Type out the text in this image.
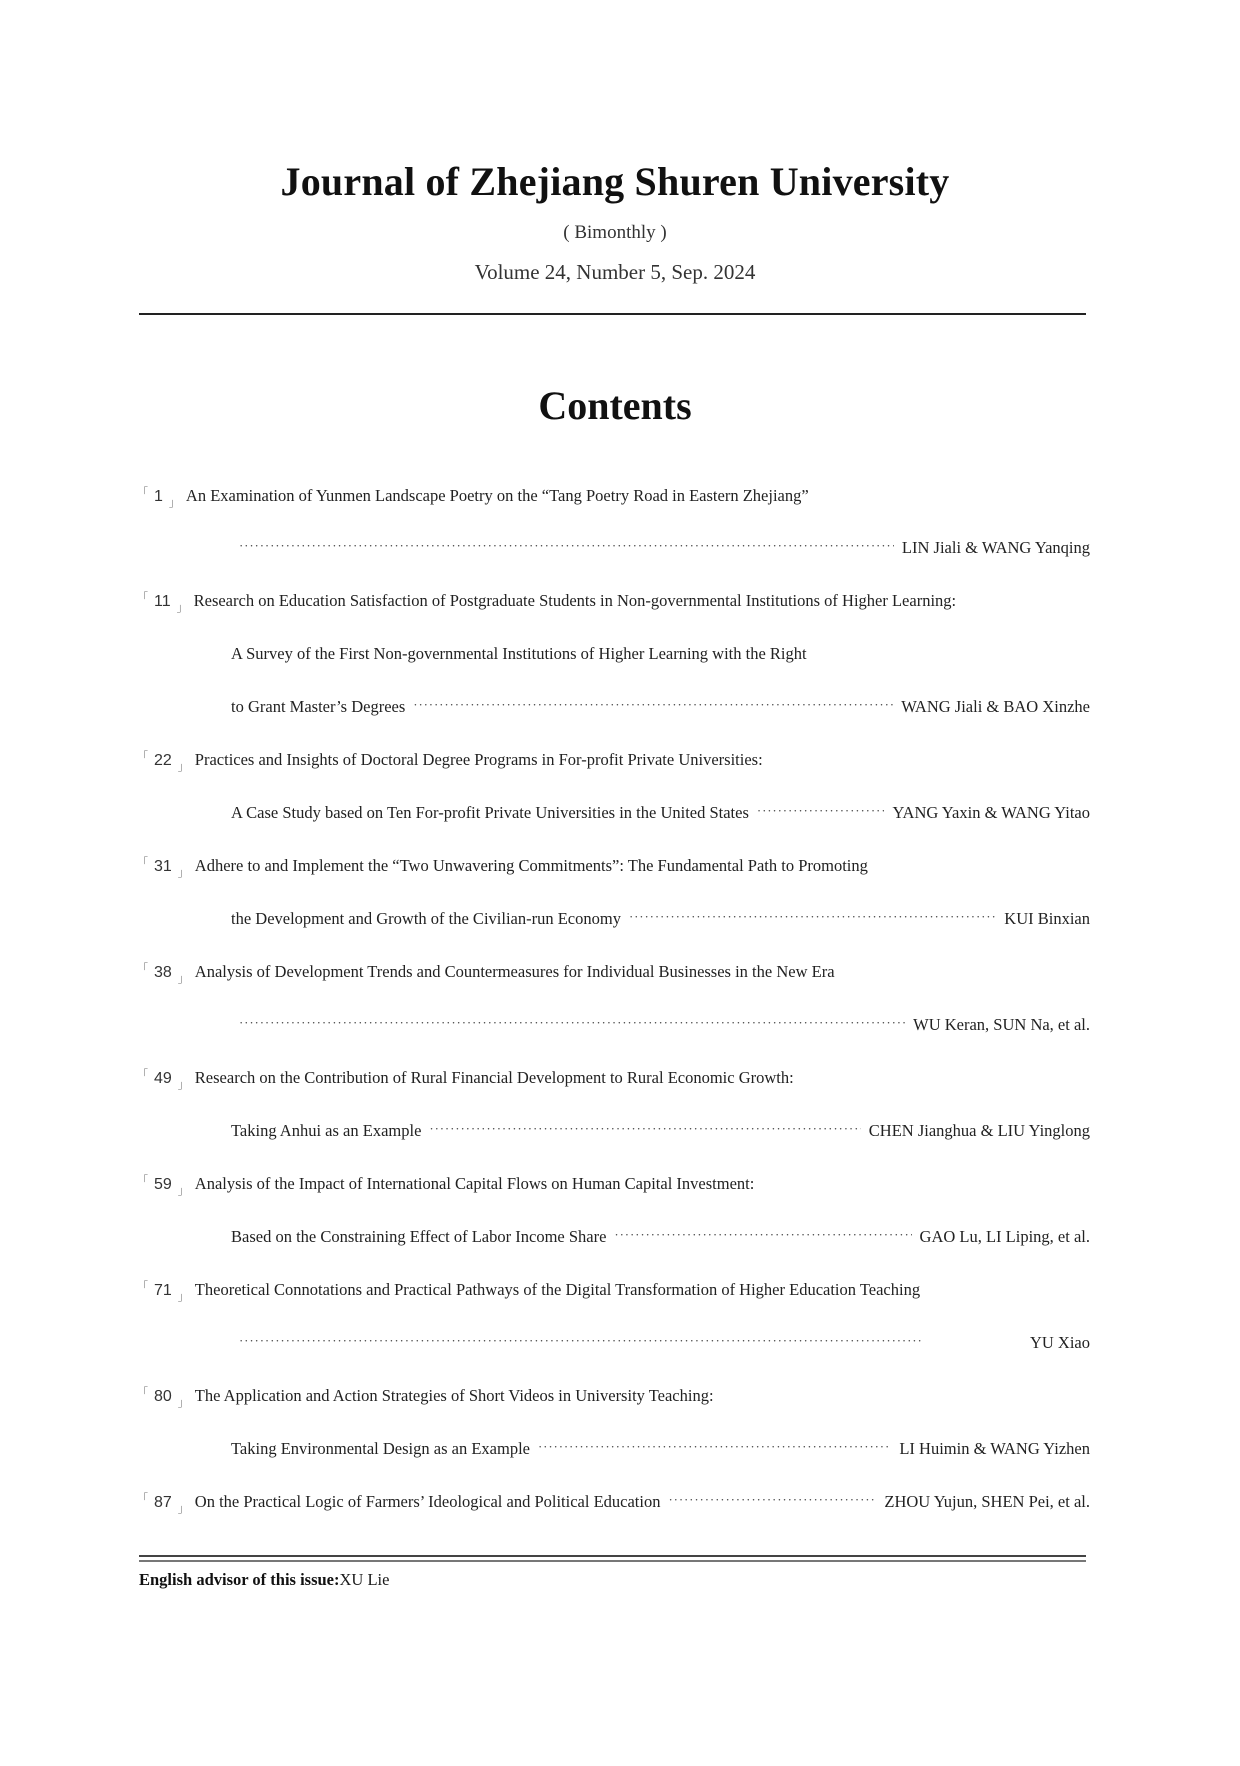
Journal of Zhejiang Shuren University
( Bimonthly )
Volume 24, Number 5, Sep. 2024
Contents
「 1 $_」$ An Examination of Yunmen Landscape Poetry on the “Tang Poetry Road in Eastern Zhejiang”
· · ·
LIN Jiali & WANG Yanqing
「 11 $_」$ Research on Education Satisfaction of Postgraduate Students in Non-governmental Institutions of Higher Learning:
A Survey of the First Non-governmental Institutions of Higher Learning with the Right
to Grant Master’s Degrees · · ·	WANG Jiali & BAO Xinzhe
「 22 $_」$ Practices and Insights of Doctoral Degree Programs in For-profit Private Universities:
A Case Study based on Ten For-profit Private Universities in the United States · · ·	YANG Yaxin & WANG Yitao
「 31 $_」$ Adhere to and Implement the “Two Unwavering Commitments”: The Fundamental Path to Promoting
the Development and Growth of the Civilian-run Economy · · ·	KUI Binxian
「 38 $_」$ Analysis of Development Trends and Countermeasures for Individual Businesses in the New Era
· · ·
WU Keran, SUN Na, et al.
「 49 $_」$ Research on the Contribution of Rural Financial Development to Rural Economic Growth:
Taking Anhui as an Example · · ·	CHEN Jianghua & LIU Yinglong
「 59 $_」$ Analysis of the Impact of International Capital Flows on Human Capital Investment:
Based on the Constraining Effect of Labor Income Share · · ·	GAO Lu, LI Liping, et al.
「 71 $_」$ Theoretical Connotations and Practical Pathways of the Digital Transformation of Higher Education Teaching
· · ·
YU Xiao
「 80 $_」$ The Application and Action Strategies of Short Videos in University Teaching:
Taking Environmental Design as an Example · · ·	LI Huimin & WANG Yizhen
「 87 」 On the Practical Logic of Farmers’ Ideological and Political Education · · ·	ZHOU Yujun, SHEN Pei, et al.
English advisor of this issue:XU Lie
